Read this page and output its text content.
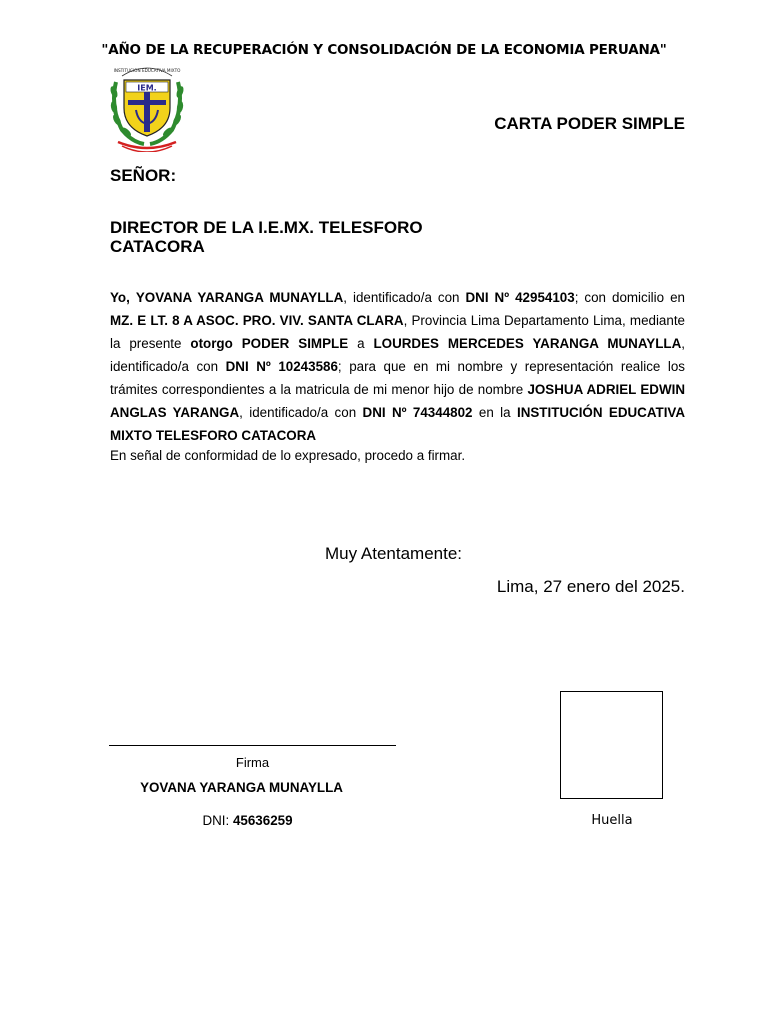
"AÑO DE LA RECUPERACIÓN Y CONSOLIDACIÓN DE LA ECONOMIA PERUANA"
INSTITUCION EDUCATIVA MIXTO
IEM.
CARTA PODER SIMPLE
SEÑOR:
DIRECTOR DE LA I.E.MX. TELESFORO CATACORA

Yo, YOVANA YARANGA MUNAYLLA, identificado/a con DNI Nº 42954103; con domicilio en MZ. E LT. 8 A ASOC. PRO. VIV. SANTA CLARA, Provincia Lima Departamento Lima, mediante la presente otorgo PODER SIMPLE a LOURDES MERCEDES YARANGA MUNAYLLA, identificado/a con DNI Nº 10243586; para que en mi nombre y representación realice los trámites correspondientes a la matricula de mi menor hijo de nombre JOSHUA ADRIEL EDWIN ANGLAS YARANGA, identificado/a con DNI Nº 74344802 en la INSTITUCIÓN EDUCATIVA MIXTO TELESFORO CATACORA

En señal de conformidad de lo expresado, procedo a firmar.
Muy Atentamente:
Lima, 27 enero del 2025.
Firma
YOVANA YARANGA MUNAYLLA
DNI: 45636259	Huella
